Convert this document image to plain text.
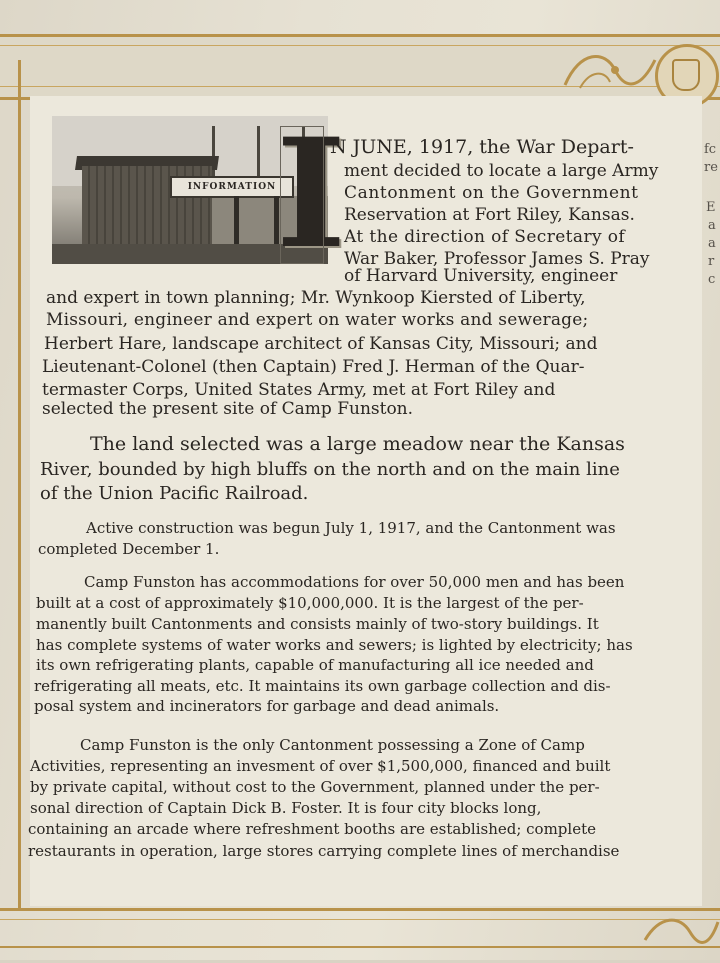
INFORMATION I
N JUNE, 1917, the War Depart-
ment decided to locate a large Army
Cantonment on the Government
Reservation at Fort Riley, Kansas.
At the direction of Secretary of
War Baker, Professor James S. Pray
of Harvard University, engineer
and expert in town planning; Mr. Wynkoop Kiersted of Liberty,
Missouri, engineer and expert on water works and sewerage;
Herbert Hare, landscape architect of Kansas City, Missouri; and
Lieutenant-Colonel (then Captain) Fred J. Herman of the Quar-
termaster Corps, United States Army, met at Fort Riley and
selected the present site of Camp Funston.
The land selected was a large meadow near the Kansas
River, bounded by high bluffs on the north and on the main line
of the Union Pacific Railroad.
Active construction was begun July 1, 1917, and the Cantonment was
completed December 1.
Camp Funston has accommodations for over 50,000 men and has been
built at a cost of approximately $10,000,000. It is the largest of the per-
manently built Cantonments and consists mainly of two-story buildings. It
has complete systems of water works and sewers; is lighted by electricity; has
its own refrigerating plants, capable of manufacturing all ice needed and
refrigerating all meats, etc. It maintains its own garbage collection and dis-
posal system and incinerators for garbage and dead animals.
Camp Funston is the only Cantonment possessing a Zone of Camp
Activities, representing an invesment of over $1,500,000, financed and built
by private capital, without cost to the Government, planned under the per-
sonal direction of Captain Dick B. Foster. It is four city blocks long,
containing an arcade where refreshment booths are established; complete
restaurants in operation, large stores carrying complete lines of merchandise
fc
re
E
a
a
r
c
